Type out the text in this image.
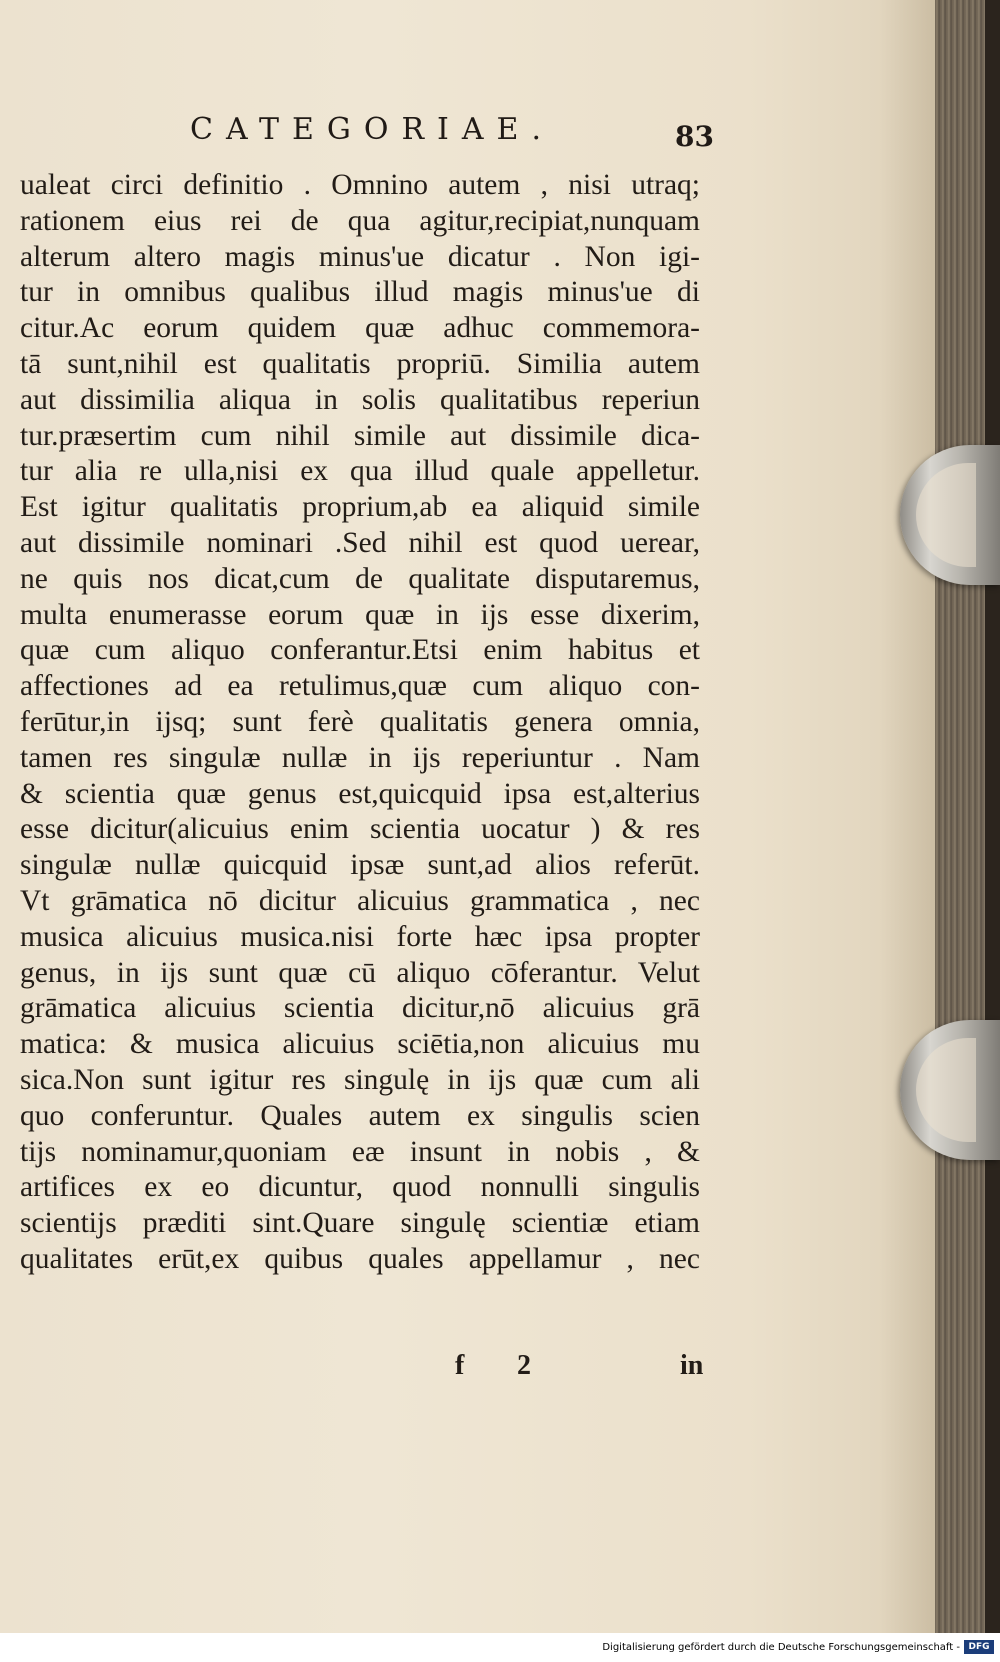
CATEGORIAE.	83
ualeat circi definitio . Omnino autem , nisi utraq;
rationem eius rei de qua agitur,recipiat,nunquam
alterum altero magis minus'ue dicatur . Non igi-
tur in omnibus qualibus illud magis minus'ue di
citur.Ac eorum quidem quæ adhuc commemora-
tā sunt,nihil est qualitatis propriū. Similia autem
aut dissimilia aliqua in solis qualitatibus reperiun
tur.præsertim cum nihil simile aut dissimile dica-
tur alia re ulla,nisi ex qua illud quale appelletur.
Est igitur qualitatis proprium,ab ea aliquid simile
aut dissimile nominari .Sed nihil est quod uerear,
ne quis nos dicat,cum de qualitate disputaremus,
multa enumerasse eorum quæ in ijs esse dixerim,
quæ cum aliquo conferantur.Etsi enim habitus et
affectiones ad ea retulimus,quæ cum aliquo con-
ferūtur,in ijsq; sunt ferè qualitatis genera omnia,
tamen res singulæ nullæ in ijs reperiuntur . Nam
& scientia quæ genus est,quicquid ipsa est,alterius
esse dicitur(alicuius enim scientia uocatur ) & res
singulæ nullæ quicquid ipsæ sunt,ad alios referūt.
Vt grāmatica nō dicitur alicuius grammatica , nec
musica alicuius musica.nisi forte hæc ipsa propter
genus, in ijs sunt quæ cū aliquo cōferantur. Velut
grāmatica alicuius scientia dicitur,nō alicuius grā
matica: & musica alicuius sciētia,non alicuius mu
sica.Non sunt igitur res singulę in ijs quæ cum ali
quo conferuntur. Quales autem ex singulis scien
tijs nominamur,quoniam eæ insunt in nobis , &
artifices ex eo dicuntur, quod nonnulli singulis
scientijs præditi sint.Quare singulę scientiæ etiam
qualitates erūt,ex quibus quales appellamur , nec
f 2	in
Digitalisierung gefördert durch die Deutsche Forschungsgemeinschaft - DFG
